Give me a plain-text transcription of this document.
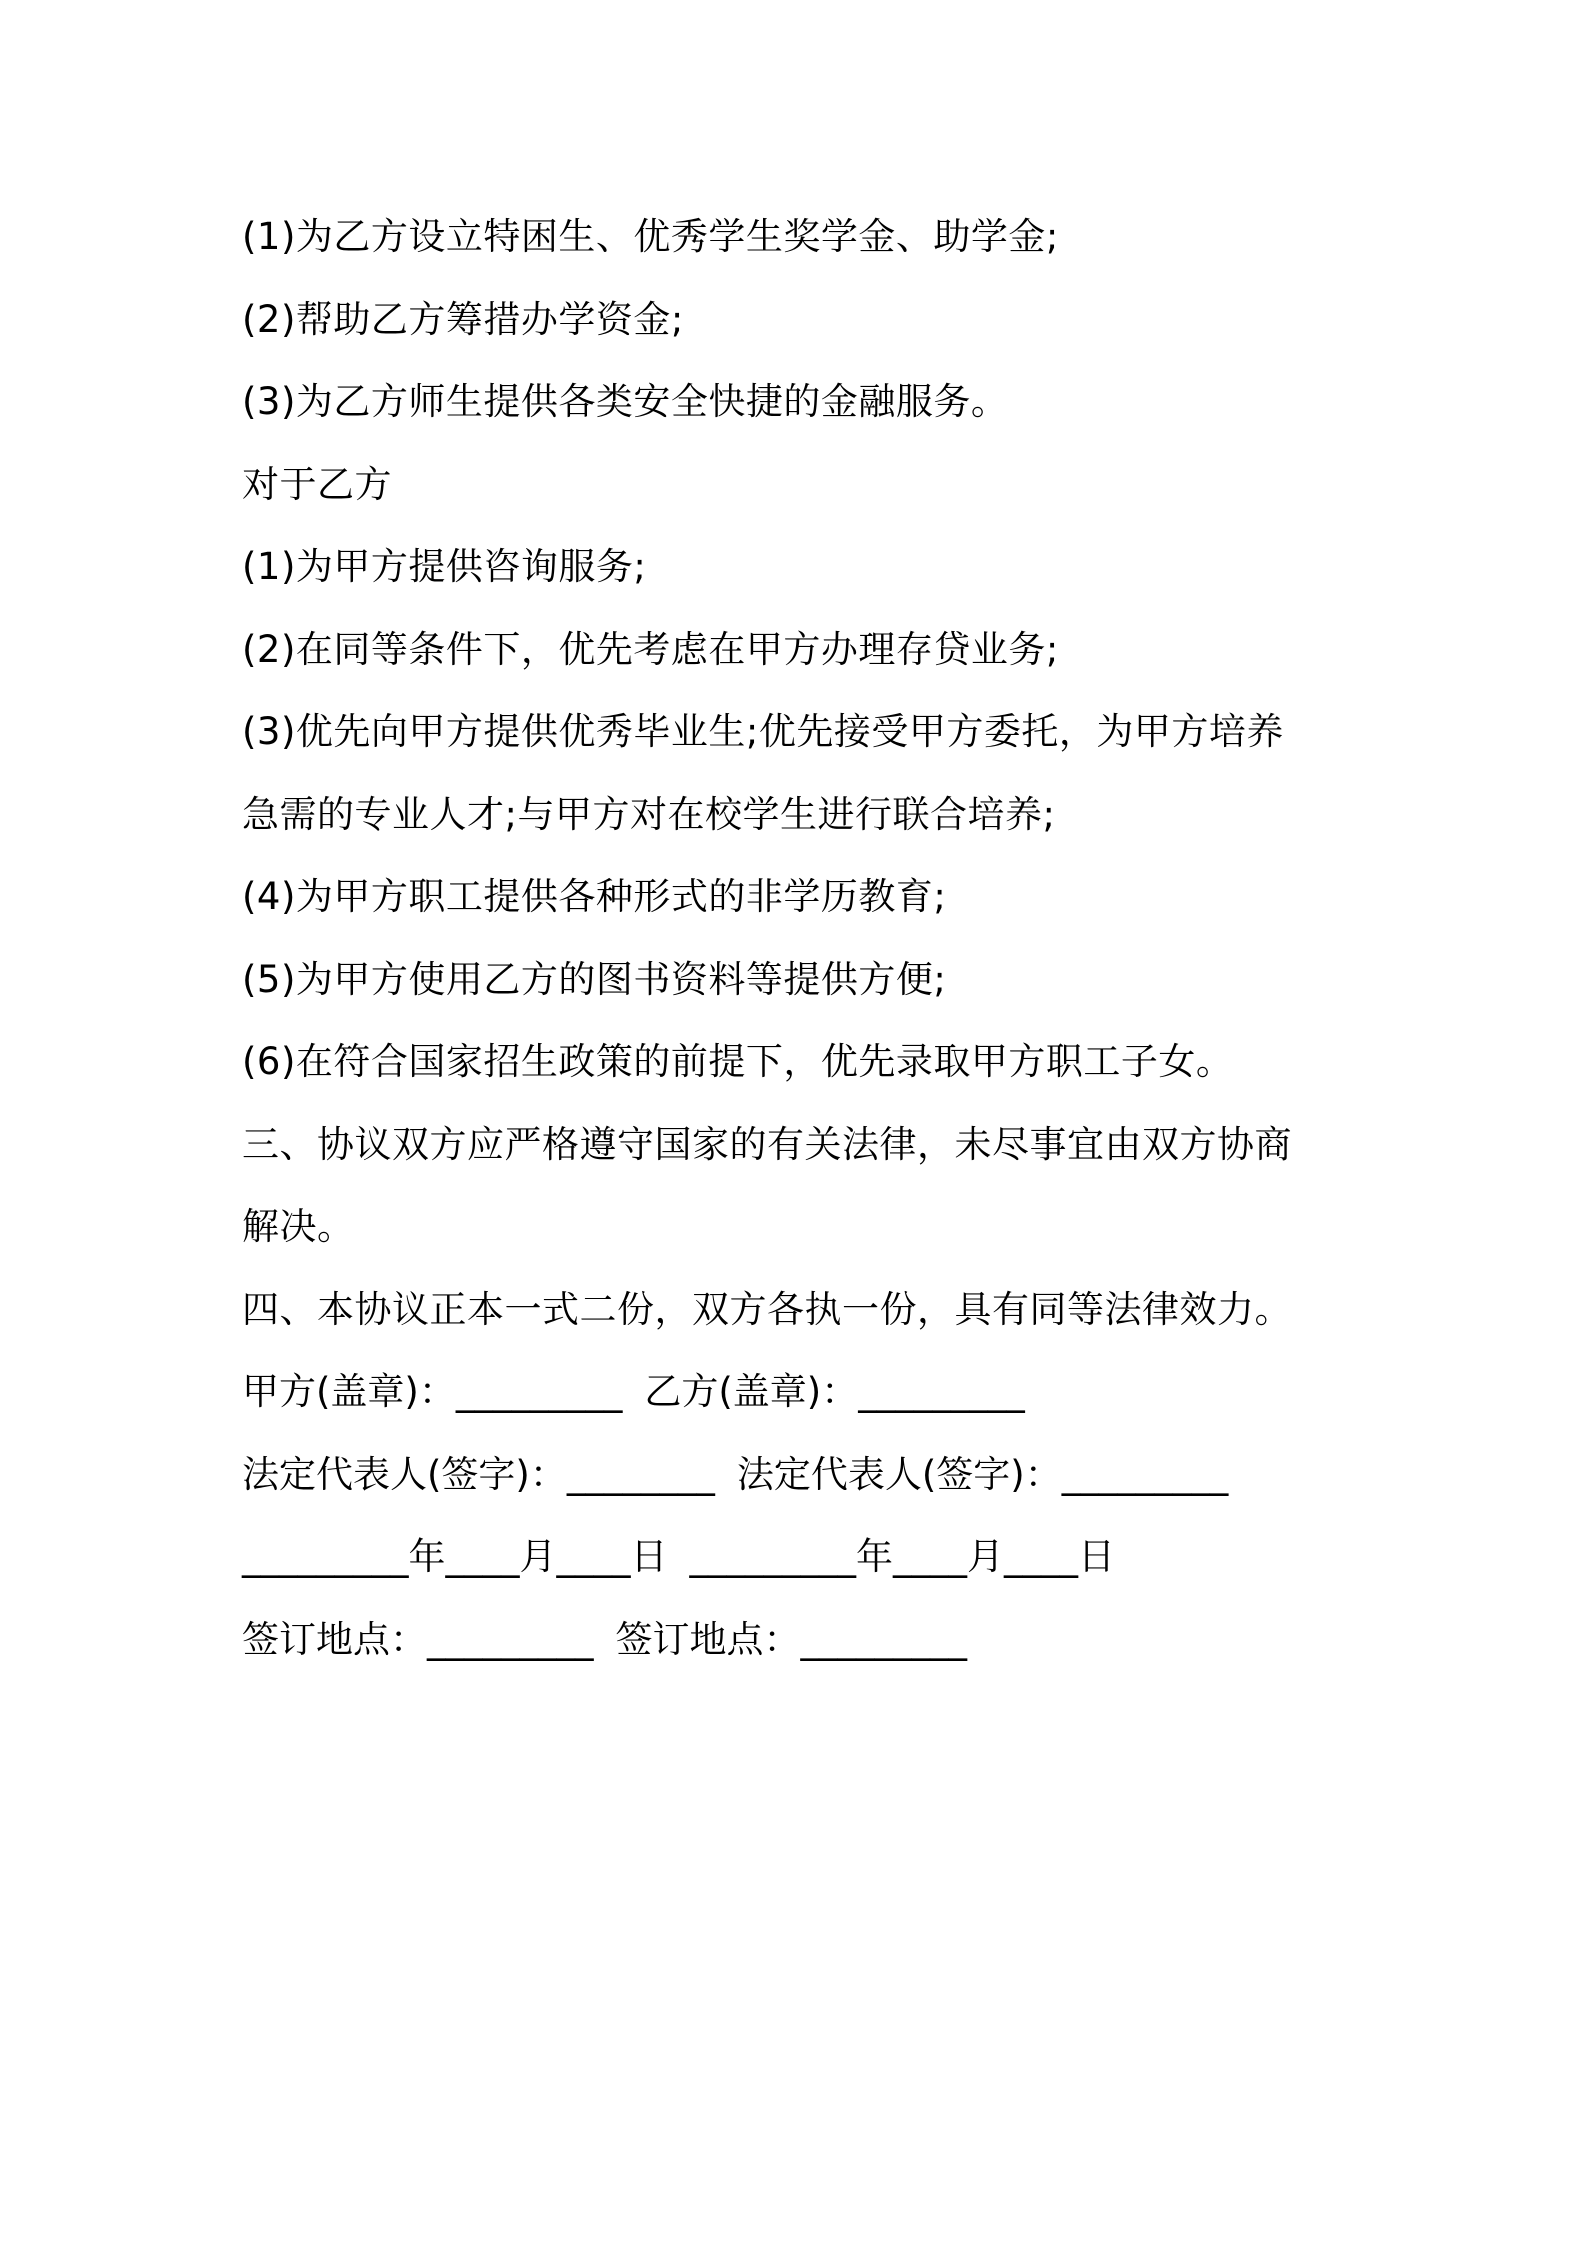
(1)为乙方设立特困生、优秀学生奖学金、助学金;
(2)帮助乙方筹措办学资金;
(3)为乙方师生提供各类安全快捷的金融服务。
对于乙方
(1)为甲方提供咨询服务;
(2)在同等条件下，优先考虑在甲方办理存贷业务;
(3)优先向甲方提供优秀毕业生;优先接受甲方委托，为甲方培养
急需的专业人才;与甲方对在校学生进行联合培养;
(4)为甲方职工提供各种形式的非学历教育;
(5)为甲方使用乙方的图书资料等提供方便;
(6)在符合国家招生政策的前提下，优先录取甲方职工子女。
三、协议双方应严格遵守国家的有关法律，未尽事宜由双方协商
解决。
四、本协议正本一式二份，双方各执一份，具有同等法律效力。
甲方(盖章)：_________ 乙方(盖章)：_________
法定代表人(签字)：________ 法定代表人(签字)：_________
_________年____月____日 _________年____月____日
签订地点：_________ 签订地点：_________
